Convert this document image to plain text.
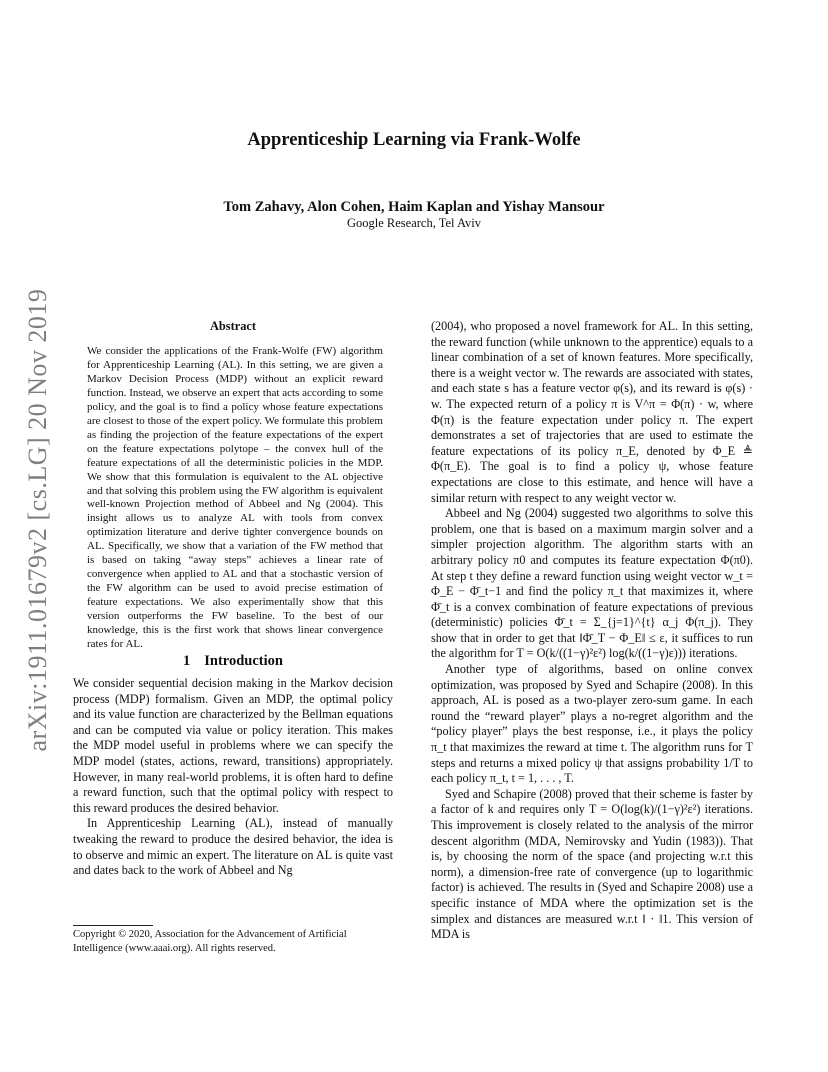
arXiv:1911.01679v2 [cs.LG] 20 Nov 2019
Apprenticeship Learning via Frank-Wolfe
Tom Zahavy, Alon Cohen, Haim Kaplan and Yishay Mansour
Google Research, Tel Aviv
Abstract

We consider the applications of the Frank-Wolfe (FW) algorithm for Apprenticeship Learning (AL). In this setting, we are given a Markov Decision Process (MDP) without an explicit reward function. Instead, we observe an expert that acts according to some policy, and the goal is to find a policy whose feature expectations are closest to those of the expert policy. We formulate this problem as finding the projection of the feature expectations of the expert on the feature expectations polytope – the convex hull of the feature expectations of all the deterministic policies in the MDP. We show that this formulation is equivalent to the AL objective and that solving this problem using the FW algorithm is equivalent well-known Projection method of Abbeel and Ng (2004). This insight allows us to analyze AL with tools from convex optimization literature and derive tighter convergence bounds on AL. Specifically, we show that a variation of the FW method that is based on taking “away steps” achieves a linear rate of convergence when applied to AL and that a stochastic version of the FW algorithm can be used to avoid precise estimation of feature expectations. We also experimentally show that this version outperforms the FW baseline. To the best of our knowledge, this is the first work that shows linear convergence rates for AL.

1 Introduction

We consider sequential decision making in the Markov decision process (MDP) formalism. Given an MDP, the optimal policy and its value function are characterized by the Bellman equations and can be computed via value or policy iteration. This makes the MDP model useful in problems where we can specify the MDP model (states, actions, reward, transitions) appropriately. However, in many real-world problems, it is often hard to define a reward function, such that the optimal policy with respect to this reward produces the desired behavior.

In Apprenticeship Learning (AL), instead of manually tweaking the reward to produce the desired behavior, the idea is to observe and mimic an expert. The literature on AL is quite vast and dates back to the work of Abbeel and Ng

Copyright © 2020, Association for the Advancement of Artificial Intelligence (www.aaai.org). All rights reserved.

(2004), who proposed a novel framework for AL. In this setting, the reward function (while unknown to the apprentice) equals to a linear combination of a set of known features. More specifically, there is a weight vector w. The rewards are associated with states, and each state s has a feature vector φ(s), and its reward is φ(s) · w. The expected return of a policy π is V^π = Φ(π) · w, where Φ(π) is the feature expectation under policy π. The expert demonstrates a set of trajectories that are used to estimate the feature expectations of its policy π_E, denoted by Φ_E ≜ Φ(π_E). The goal is to find a policy ψ, whose feature expectations are close to this estimate, and hence will have a similar return with respect to any weight vector w.

Abbeel and Ng (2004) suggested two algorithms to solve this problem, one that is based on a maximum margin solver and a simpler projection algorithm. The algorithm starts with an arbitrary policy π0 and computes its feature expectation Φ(π0). At step t they define a reward function using weight vector w_t = Φ_E − Φ̄_t−1 and find the policy π_t that maximizes it, where Φ̄_t is a convex combination of feature expectations of previous (deterministic) policies Φ̄_t = Σ_{j=1}^{t} α_j Φ(π_j). They show that in order to get that ‖Φ̄_T − Φ_E‖ ≤ ε, it suffices to run the algorithm for T = O(k/((1−γ)²ε²) log(k/((1−γ)ε))) iterations.

Another type of algorithms, based on online convex optimization, was proposed by Syed and Schapire (2008). In this approach, AL is posed as a two-player zero-sum game. In each round the “reward player” plays a no-regret algorithm and the “policy player” plays the best response, i.e., it plays the policy π_t that maximizes the reward at time t. The algorithm runs for T steps and returns a mixed policy ψ that assigns probability 1/T to each policy π_t, t = 1, . . . , T.

Syed and Schapire (2008) proved that their scheme is faster by a factor of k and requires only T = O(log(k)/(1−γ)²ε²) iterations. This improvement is closely related to the analysis of the mirror descent algorithm (MDA, Nemirovsky and Yudin (1983)). That is, by choosing the norm of the space (and projecting w.r.t this norm), a dimension-free rate of convergence (up to logarithmic factor) is achieved. The results in (Syed and Schapire 2008) use a specific instance of MDA where the optimization set is the simplex and distances are measured w.r.t ‖ · ‖1. This version of MDA is
